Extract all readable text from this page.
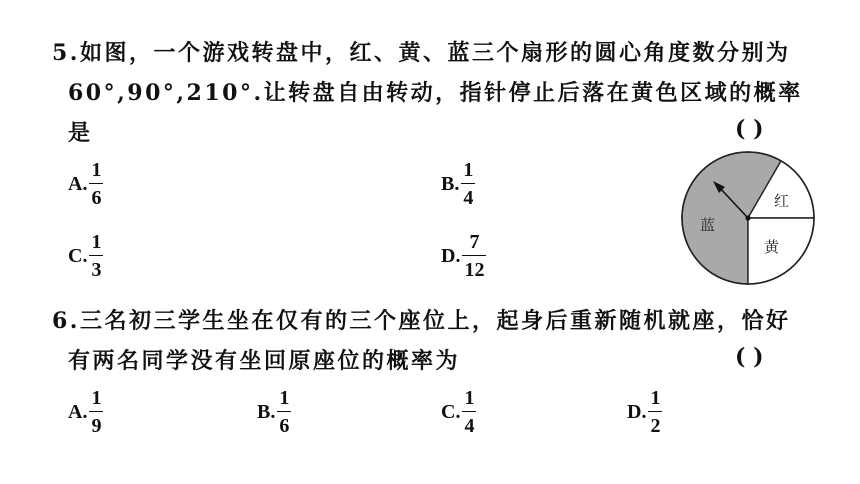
5.如图，一个游戏转盘中，红、黄、蓝三个扇形的圆心角度数分别为
60°,90°,210°.让转盘自由转动，指针停止后落在黄色区域的概率
是	( )
A. $\frac{1}{6}$	B. $\frac{1}{4}$
C. $\frac{1}{3}$	D. $\frac{7}{12}$
红
黄
蓝
6.三名初三学生坐在仅有的三个座位上，起身后重新随机就座，恰好
有两名同学没有坐回原座位的概率为	( )
A. $\frac{1}{9}$	B. $\frac{1}{6}$	C. $\frac{1}{4}$	D. $\frac{1}{2}$
